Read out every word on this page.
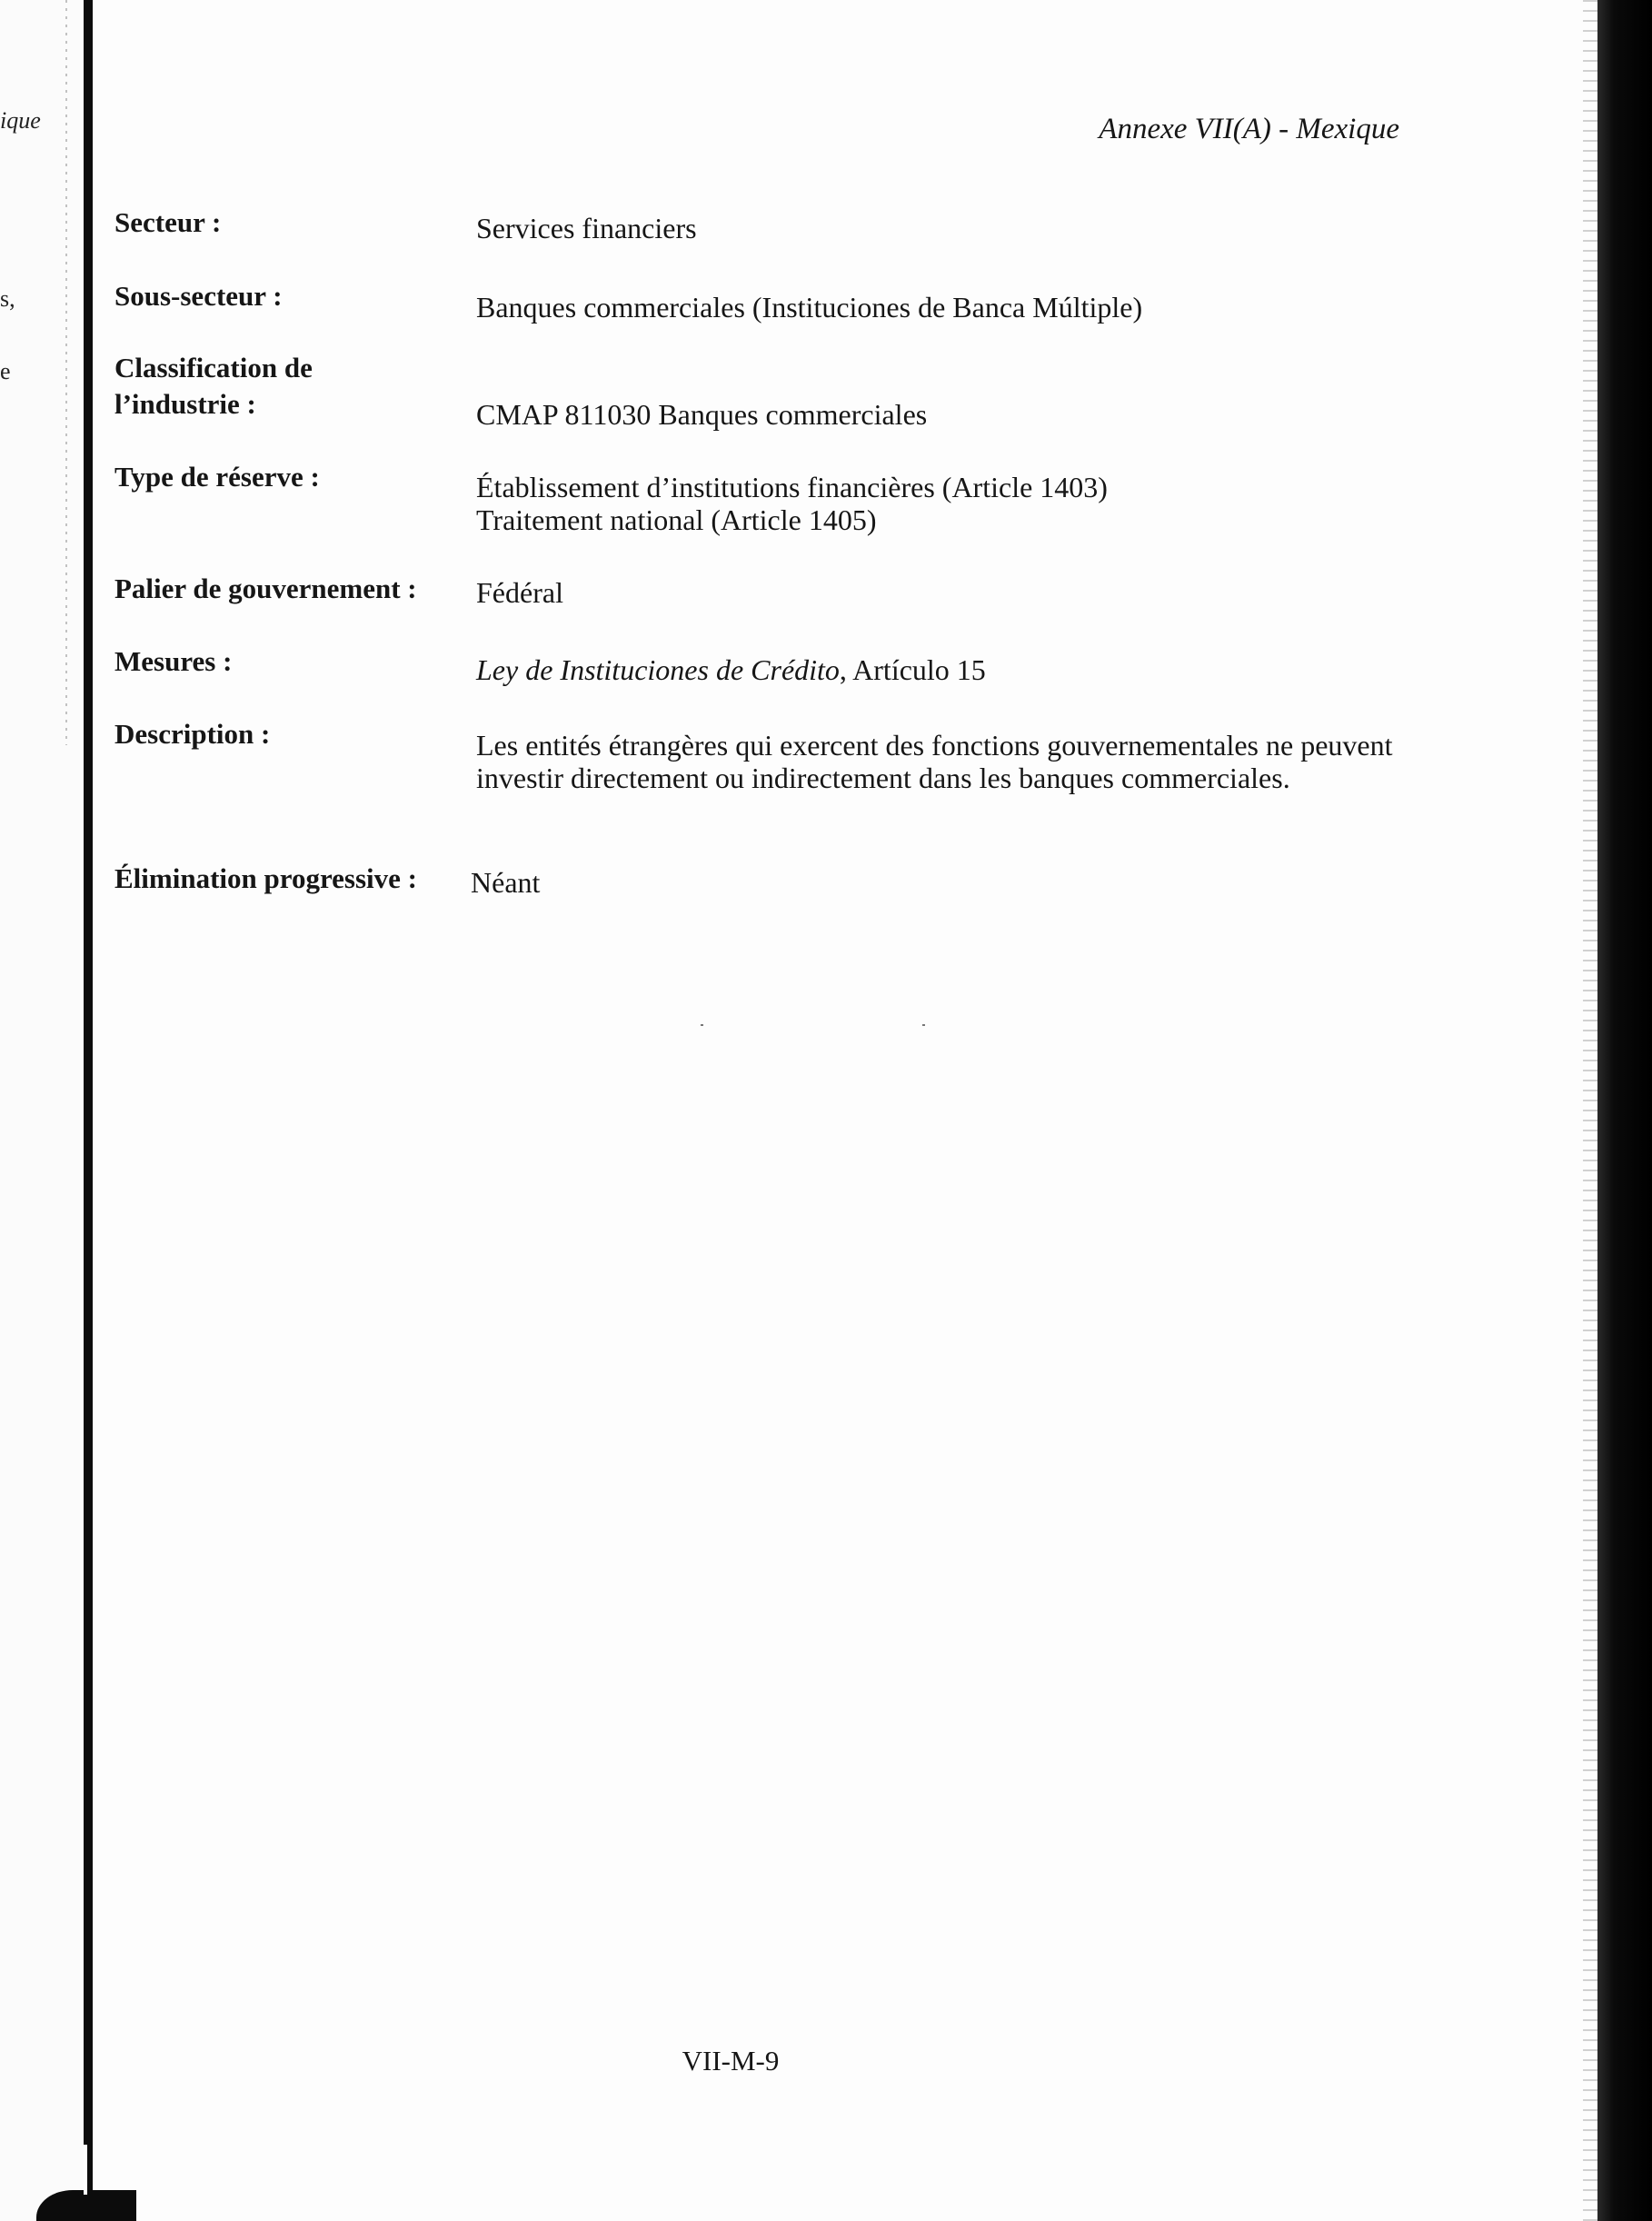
ique
s,
e
Annexe VII(A) - Mexique
Secteur :	Services financiers
Sous-secteur :	Banques commerciales (Instituciones de Banca Múltiple)
Classification de
l’industrie :	CMAP 811030 Banques commerciales
Type de réserve :	Établissement d’institutions financières (Article 1403)
Traitement national (Article 1405)
Palier de gouvernement : Fédéral
Mesures :	Ley de Instituciones de Crédito, Artículo 15
Description :	Les entités étrangères qui exercent des fonctions gouvernementales ne peuvent investir directement ou indirectement dans les banques commerciales.
Élimination progressive : Néant
VII-M-9
